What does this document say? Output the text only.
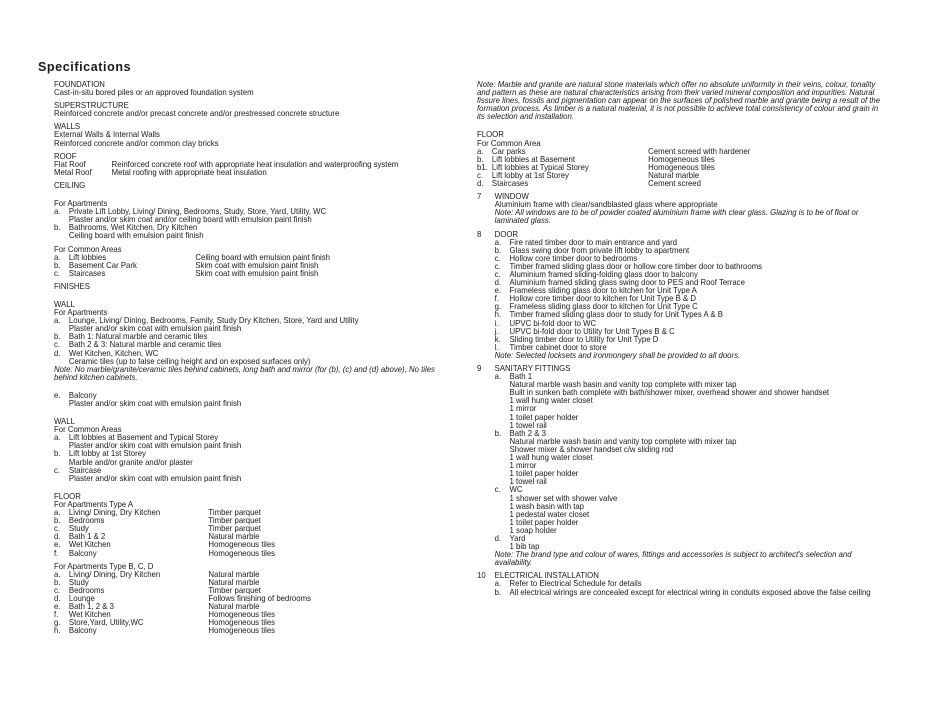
Specifications
FOUNDATION
Cast-in-situ bored piles or an approved foundation system
SUPERSTRUCTURE
Reinforced concrete and/or precast concrete and/or prestressed concrete structure
WALLS
External Walls & Internal Walls
Reinforced concrete and/or common clay bricks
ROOF
Flat Roof	Reinforced concrete roof with appropriate heat insulation and waterproofing system
Metal Roof	Metal roofing with appropriate heat insulation
CEILING
For Apartments
a. Private Lift Lobby, Living/ Dining, Bedrooms, Study, Store, Yard, Utility, WC
Plaster and/or skim coat and/or ceiling board with emulsion paint finish
b. Bathrooms, Wet Kitchen, Dry Kitchen
Ceiling board with emulsion paint finish
For Common Areas
a. Lift lobbies	Ceiling board with emulsion paint finish
b. Basement Car Park	Skim coat with emulsion paint finish
c.	Staircases	Skim coat with emulsion paint finish
FINISHES
WALL
For Apartments
a. Lounge, Living/ Dining, Bedrooms, Family, Study Dry Kitchen, Store, Yard and Utility
Plaster and/or skim coat with emulsion paint finish
b. Bath 1: Natural marble and ceramic tiles
c.	Bath 2 & 3: Natural marble and ceramic tiles
d. Wet Kitchen, Kitchen, WC
Ceramic tiles (up to false ceiling height and on exposed surfaces only)
Note: No marble/granite/ceramic tiles behind cabinets, long bath and mirror (for (b), (c) and (d) above), No tiles behind kitchen cabinets.
e. Balcony
Plaster and/or skim coat with emulsion paint finish
WALL
For Common Areas
a. Lift lobbies at Basement and Typical Storey
Plaster and/or skim coat with emulsion paint finish
b. Lift lobby at 1st Storey
Marble and/or granite and/or plaster
c.	Staircase
Plaster and/or skim coat with emulsion paint finish
FLOOR
For Apartments Type A
a. Living/ Dining, Dry Kitchen	Timber parquet
b. Bedrooms	Timber parquet
c.	Study	Timber parquet
d. Bath 1 & 2	Natural marble
e. Wet Kitchen	Homogeneous tiles
f.	Balcony	Homogeneous tiles
For Apartments Type B, C, D
a. Living/ Dining, Dry Kitchen	Natural marble
b. Study	Natural marble
c.	Bedrooms	Timber parquet
d. Lounge	Follows finishing of bedrooms
e. Bath 1, 2 & 3	Natural marble
f.	Wet Kitchen	Homogeneous tiles
g. Store,Yard, Utility,WC	Homogeneous tiles
h. Balcony	Homogeneous tiles
Note: Marble and granite are natural stone materials which offer no absolute uniformity in their veins, colour, tonality and pattern as these are natural characteristics arising from their varied mineral composition and impurities. Natural fissure lines, fossils and pigmentation can appear on the surfaces of polished marble and granite being a result of the formation process. As timber is a natural material, it is not possible to achieve total consistency of colour and grain in its selection and installation.
FLOOR
For Common Area
a. Car parks	Cement screed with hardener
b. Lift lobbies at Basement	Homogeneous tiles
b1. Lift lobbies at Typical Storey	Homogeneous tiles
c.	Lift lobby at 1st Storey	Natural marble
d. Staircases	Cement screed
7 WINDOW
Aluminium frame with clear/sandblasted glass where appropriate
Note: All windows are to be of powder coated aluminium frame with clear glass. Glazing is to be of float or laminated glass.
8 DOOR
a. Fire rated timber door to main entrance and yard
b. Glass swing door from private lift lobby to apartment
c.	Hollow core timber door to bedrooms
c.	Timber framed sliding glass door or hollow core timber door to bathrooms
c.	Aluminium framed sliding-folding glass door to balcony
d. Aluminium framed sliding glass swing door to PES and Roof Terrace
e. Frameless sliding glass door to kitchen for Unit Type A
f.	Hollow core timber door to kitchen for Unit Type B & D
g. Frameless sliding glass door to kitchen for Unit Type C
h. Timber framed sliding glass door to study for Unit Types A & B
i.	UPVC bi-fold door to WC
j.	UPVC bi-fold door to Utility for Unit Types B & C
k.	Sliding timber door to Utility for Unit Type D
l.	Timber cabinet door to store
Note: Selected locksets and ironmongery shall be provided to all doors.
9 SANITARY FITTINGS
a. Bath 1
Natural marble wash basin and vanity top complete with mixer tap
Built in sunken bath complete with bath/shower mixer, overhead shower and shower handset
1 wall hung water closet
1 mirror
1 toilet paper holder
1 towel rail
b. Bath 2 & 3
Natural marble wash basin and vanity top complete with mixer tap
Shower mixer & shower handset c/w sliding rod
1 wall hung water closet
1 mirror
1 toilet paper holder
1 towel rail
c.	WC
1 shower set with shower valve
1 wash basin with tap
1 pedestal water closet
1 toilet paper holder
1 soap holder
d. Yard
1 bib tap
Note: The brand type and colour of wares, fittings and accessories is subject to architect's selection and availability.
10 ELECTRICAL INSTALLATION
a. Refer to Electrical Schedule for details
b. All electrical wirings are concealed except for electrical wiring in conduits exposed above the false ceiling
